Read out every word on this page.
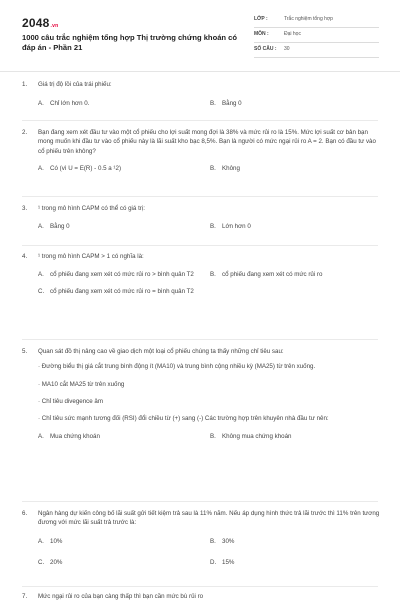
2048.vn
1000 câu trắc nghiệm tổng hợp Thị trường chứng khoán có đáp án - Phần 21
LỚP :	Trắc nghiệm tổng hợp
MÔN :	Đại học
SỐ CÂU :	30
1.	Giá trị độ lồi của trái phiếu:
A. Chỉ lớn hơn 0.	B. Bằng 0
2.	Bạn đang xem xét đầu tư vào một cổ phiếu cho lợi suất mong đợi là 38% và mức rủi ro là 15%. Mức lợi suất cơ bản bạn mong muốn khi đầu tư vào cổ phiếu này là lãi suất kho bạc 8,5%. Bạn là người có mức ngại rủi ro A = 2. Bạn có đầu tư vào cổ phiếu trên không?
A. Có (vì U = E(R) - 0.5 a ¹2)	B. Không
3.	¹ trong mô hình CAPM có thể có giá trị:
A. Bằng 0	B. Lớn hơn 0
4.	¹ trong mô hình CAPM > 1 có nghĩa là:
A. cổ phiếu đang xem xét có mức rủi ro > bình quân T2	B. cổ phiếu đang xem xét có mức rủi ro
C. cổ phiếu đang xem xét có mức rủi ro = bình quân T2
5.	Quan sát đồ thị nâng cao về giao dịch một loại cổ phiếu chúng ta thấy những chỉ tiêu sau:
· Đường biểu thị giá cắt trung bình động ít (MA10) và trung bình cộng nhiều kỳ (MA25) từ trên xuống.
· MA10 cắt MA25 từ trên xuống
· Chỉ tiêu divegence âm
· Chỉ tiêu sức mạnh tương đối (RSI) đổi chiều từ (+) sang (-) Các trường hợp trên khuyên nhà đầu tư nên:
A. Mua chứng khoán	B. Không mua chứng khoán
6.	Ngân hàng dự kiến công bố lãi suất gửi tiết kiệm trả sau là 11% năm. Nếu áp dụng hình thức trả lãi trước thì 11% trên tương đương với mức lãi suất trả trước là:
A. 10%	B. 30%
C. 20%	D. 15%
7.	Mức ngại rủi ro của bạn càng thấp thì bạn cần mức bù rủi ro
